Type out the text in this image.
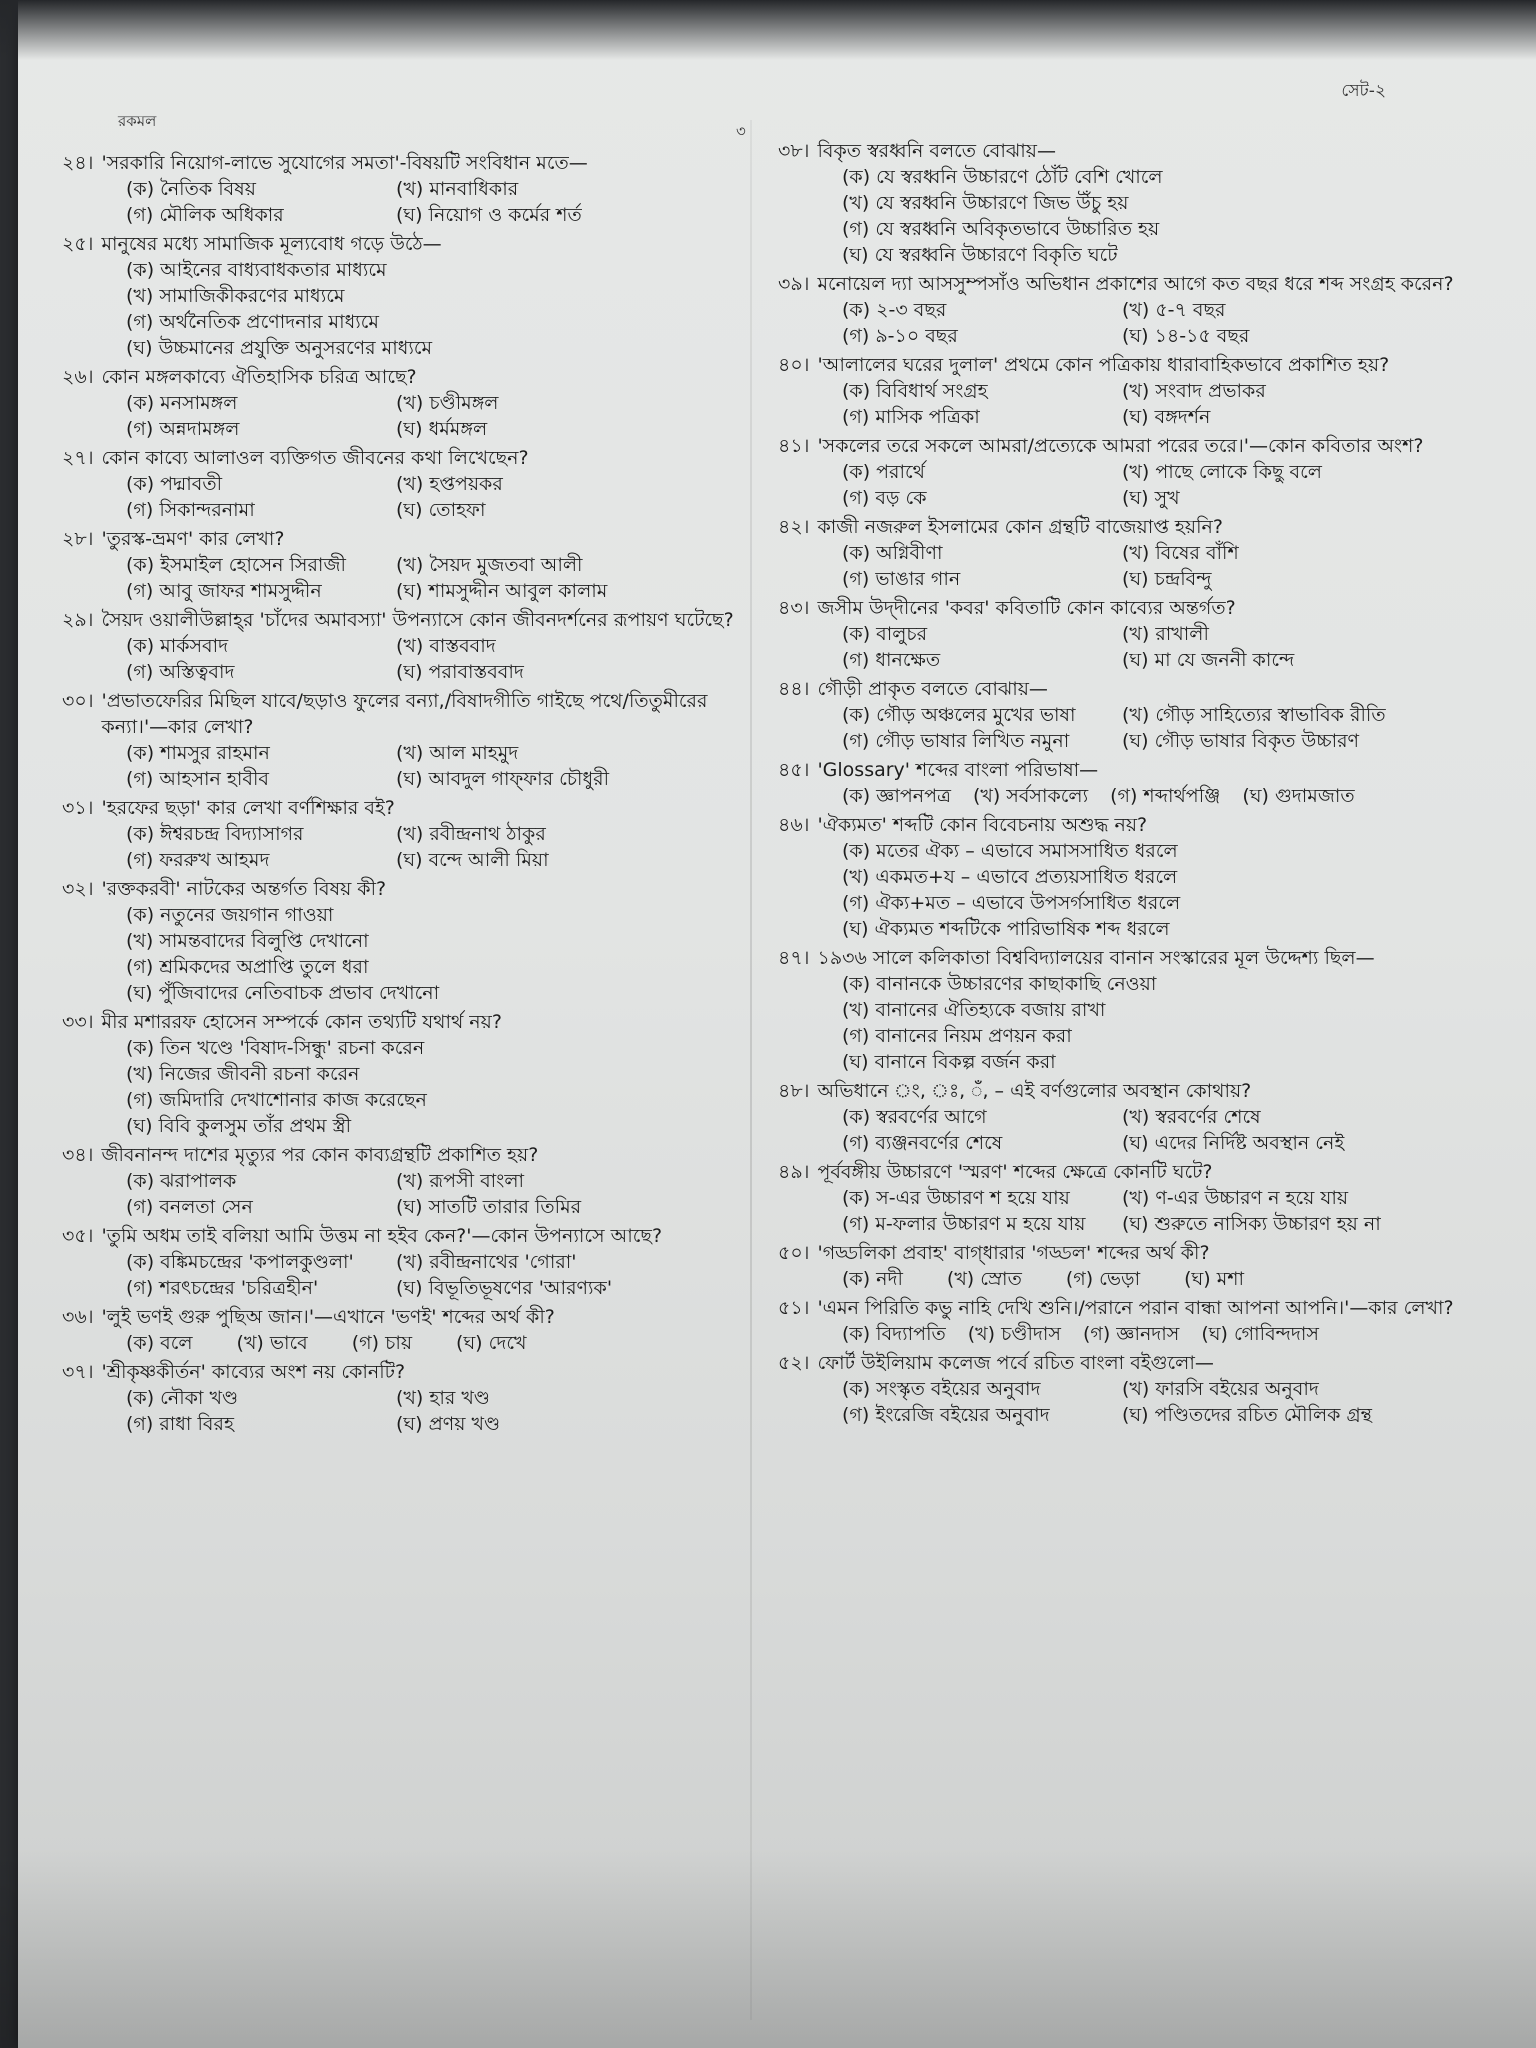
রকমল
৩
সেট-২
২৪। 'সরকারি নিয়োগ-লাভে সুযোগের সমতা'-বিষয়টি সংবিধান মতে—
(ক) নৈতিক বিষয়	(খ) মানবাধিকার
(গ) মৌলিক অধিকার	(ঘ) নিয়োগ ও কর্মের শর্ত
২৫। মানুষের মধ্যে সামাজিক মূল্যবোধ গড়ে উঠে—
(ক) আইনের বাধ্যবাধকতার মাধ্যমে
(খ) সামাজিকীকরণের মাধ্যমে
(গ) অর্থনৈতিক প্রণোদনার মাধ্যমে
(ঘ) উচ্চমানের প্রযুক্তি অনুসরণের মাধ্যমে
২৬। কোন মঙ্গলকাব্যে ঐতিহাসিক চরিত্র আছে?
(ক) মনসামঙ্গল	(খ) চণ্ডীমঙ্গল
(গ) অন্নদামঙ্গল	(ঘ) ধর্মমঙ্গল
২৭। কোন কাব্যে আলাওল ব্যক্তিগত জীবনের কথা লিখেছেন?
(ক) পদ্মাবতী	(খ) হপ্তপয়কর
(গ) সিকান্দরনামা	(ঘ) তোহফা
২৮। 'তুরস্ক-ভ্রমণ' কার লেখা?
(ক) ইসমাইল হোসেন সিরাজী	(খ) সৈয়দ মুজতবা আলী
(গ) আবু জাফর শামসুদ্দীন	(ঘ) শামসুদ্দীন আবুল কালাম
২৯। সৈয়দ ওয়ালীউল্লাহ্‌র 'চাঁদের অমাবস্যা' উপন্যাসে কোন জীবনদর্শনের রূপায়ণ ঘটেছে?
(ক) মার্কসবাদ	(খ) বাস্তববাদ
(গ) অস্তিত্ববাদ	(ঘ) পরাবাস্তববাদ
৩০। 'প্রভাতফেরির মিছিল যাবে/ছড়াও ফুলের বন্যা,/বিষাদগীতি গাইছে পথে/তিতুমীরের কন্যা।'—কার লেখা?
(ক) শামসুর রাহমান	(খ) আল মাহমুদ
(গ) আহসান হাবীব	(ঘ) আবদুল গাফ্‌ফার চৌধুরী
৩১। 'হরফের ছড়া' কার লেখা বর্ণশিক্ষার বই?
(ক) ঈশ্বরচন্দ্র বিদ্যাসাগর	(খ) রবীন্দ্রনাথ ঠাকুর
(গ) ফররুখ আহমদ	(ঘ) বন্দে আলী মিয়া
৩২। 'রক্তকরবী' নাটকের অন্তর্গত বিষয় কী?
(ক) নতুনের জয়গান গাওয়া
(খ) সামন্তবাদের বিলুপ্তি দেখানো
(গ) শ্রমিকদের অপ্রাপ্তি তুলে ধরা
(ঘ) পুঁজিবাদের নেতিবাচক প্রভাব দেখানো
৩৩। মীর মশাররফ হোসেন সম্পর্কে কোন তথ্যটি যথার্থ নয়?
(ক) তিন খণ্ডে 'বিষাদ-সিন্ধু' রচনা করেন
(খ) নিজের জীবনী রচনা করেন
(গ) জমিদারি দেখাশোনার কাজ করেছেন
(ঘ) বিবি কুলসুম তাঁর প্রথম স্ত্রী
৩৪। জীবনানন্দ দাশের মৃত্যুর পর কোন কাব্যগ্রন্থটি প্রকাশিত হয়?
(ক) ঝরাপালক	(খ) রূপসী বাংলা
(গ) বনলতা সেন	(ঘ) সাতটি তারার তিমির
৩৫। 'তুমি অধম তাই বলিয়া আমি উত্তম না হইব কেন?'—কোন উপন্যাসে আছে?
(ক) বঙ্কিমচন্দ্রের 'কপালকুণ্ডলা'	(খ) রবীন্দ্রনাথের 'গোরা'
(গ) শরৎচন্দ্রের 'চরিত্রহীন'	(ঘ) বিভূতিভূষণের 'আরণ্যক'
৩৬। 'লুই ভণই গুরু পুছিঅ জান।'—এখানে 'ভণই' শব্দের অর্থ কী?
(ক) বলে (খ) ভাবে (গ) চায় (ঘ) দেখে
৩৭। 'শ্রীকৃষ্ণকীর্তন' কাব্যের অংশ নয় কোনটি?
(ক) নৌকা খণ্ড	(খ) হার খণ্ড
(গ) রাধা বিরহ	(ঘ) প্রণয় খণ্ড
৩৮। বিকৃত স্বরধ্বনি বলতে বোঝায়—
(ক) যে স্বরধ্বনি উচ্চারণে ঠোঁট বেশি খোলে
(খ) যে স্বরধ্বনি উচ্চারণে জিভ উঁচু হয়
(গ) যে স্বরধ্বনি অবিকৃতভাবে উচ্চারিত হয়
(ঘ) যে স্বরধ্বনি উচ্চারণে বিকৃতি ঘটে
৩৯। মনোয়েল দ্যা আসসুম্পসাঁও অভিধান প্রকাশের আগে কত বছর ধরে শব্দ সংগ্রহ করেন?
(ক) ২-৩ বছর	(খ) ৫-৭ বছর
(গ) ৯-১০ বছর	(ঘ) ১৪-১৫ বছর
৪০। 'আলালের ঘরের দুলাল' প্রথমে কোন পত্রিকায় ধারাবাহিকভাবে প্রকাশিত হয়?
(ক) বিবিধার্থ সংগ্রহ	(খ) সংবাদ প্রভাকর
(গ) মাসিক পত্রিকা	(ঘ) বঙ্গদর্শন
৪১। 'সকলের তরে সকলে আমরা/প্রত্যেকে আমরা পরের তরে।'—কোন কবিতার অংশ?
(ক) পরার্থে	(খ) পাছে লোকে কিছু বলে
(গ) বড় কে	(ঘ) সুখ
৪২। কাজী নজরুল ইসলামের কোন গ্রন্থটি বাজেয়াপ্ত হয়নি?
(ক) অগ্নিবীণা	(খ) বিষের বাঁশি
(গ) ভাঙার গান	(ঘ) চন্দ্রবিন্দু
৪৩। জসীম উদ্‌দীনের 'কবর' কবিতাটি কোন কাব্যের অন্তর্গত?
(ক) বালুচর	(খ) রাখালী
(গ) ধানক্ষেত	(ঘ) মা যে জননী কান্দে
৪৪। গৌড়ী প্রাকৃত বলতে বোঝায়—
(ক) গৌড় অঞ্চলের মুখের ভাষা	(খ) গৌড় সাহিত্যের স্বাভাবিক রীতি
(গ) গৌড় ভাষার লিখিত নমুনা	(ঘ) গৌড় ভাষার বিকৃত উচ্চারণ
৪৫। 'Glossary' শব্দের বাংলা পরিভাষা—
(ক) জ্ঞাপনপত্র (খ) সর্বসাকল্যে (গ) শব্দার্থপঞ্জি (ঘ) গুদামজাত
৪৬। 'ঐক্যমত' শব্দটি কোন বিবেচনায় অশুদ্ধ নয়?
(ক) মতের ঐক্য – এভাবে সমাসসাধিত ধরলে
(খ) একমত+য – এভাবে প্রত্যয়সাধিত ধরলে
(গ) ঐক্য+মত – এভাবে উপসর্গসাধিত ধরলে
(ঘ) ঐক্যমত শব্দটিকে পারিভাষিক শব্দ ধরলে
৪৭। ১৯৩৬ সালে কলিকাতা বিশ্ববিদ্যালয়ের বানান সংস্কারের মূল উদ্দেশ্য ছিল—
(ক) বানানকে উচ্চারণের কাছাকাছি নেওয়া
(খ) বানানের ঐতিহ্যকে বজায় রাখা
(গ) বানানের নিয়ম প্রণয়ন করা
(ঘ) বানানে বিকল্প বর্জন করা
৪৮। অভিধানে ং, ঃ, ँ, – এই বর্ণগুলোর অবস্থান কোথায়?
(ক) স্বরবর্ণের আগে	(খ) স্বরবর্ণের শেষে
(গ) ব্যঞ্জনবর্ণের শেষে	(ঘ) এদের নির্দিষ্ট অবস্থান নেই
৪৯। পূর্ববঙ্গীয় উচ্চারণে 'স্মরণ' শব্দের ক্ষেত্রে কোনটি ঘটে?
(ক) স-এর উচ্চারণ শ হয়ে যায়	(খ) ণ-এর উচ্চারণ ন হয়ে যায়
(গ) ম-ফলার উচ্চারণ ম হয়ে যায়	(ঘ) শুরুতে নাসিক্য উচ্চারণ হয় না
৫০। 'গড্ডলিকা প্রবাহ' বাগ্‌ধারার 'গড্ডল' শব্দের অর্থ কী?
(ক) নদী (খ) স্রোত (গ) ভেড়া (ঘ) মশা
৫১। 'এমন পিরিতি কভু নাহি দেখি শুনি।/পরানে পরান বান্ধা আপনা আপনি।'—কার লেখা?
(ক) বিদ্যাপতি (খ) চণ্ডীদাস (গ) জ্ঞানদাস (ঘ) গোবিন্দদাস
৫২। ফোর্ট উইলিয়াম কলেজ পর্বে রচিত বাংলা বইগুলো—
(ক) সংস্কৃত বইয়ের অনুবাদ	(খ) ফারসি বইয়ের অনুবাদ
(গ) ইংরেজি বইয়ের অনুবাদ	(ঘ) পণ্ডিতদের রচিত মৌলিক গ্রন্থ
